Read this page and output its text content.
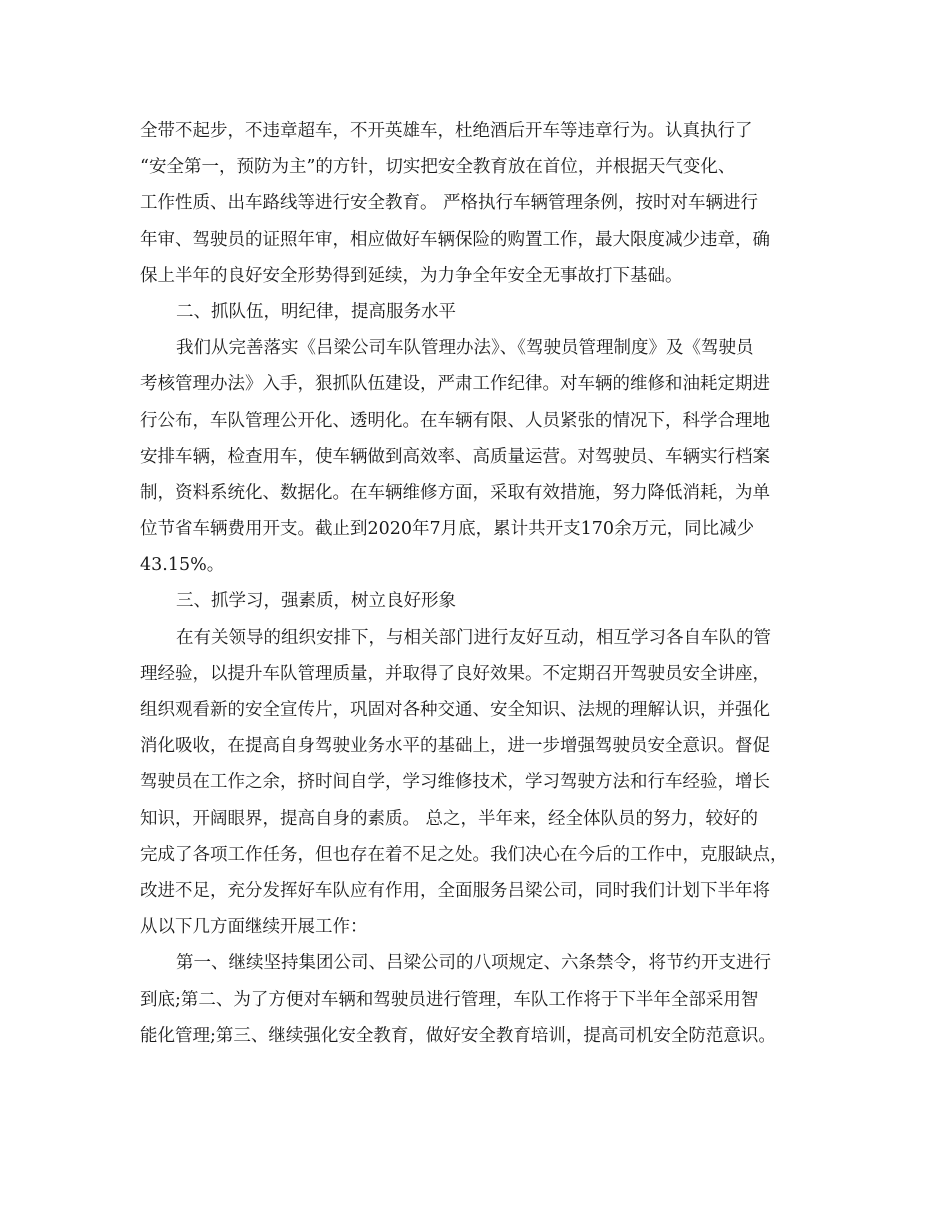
全带不起步，不违章超车，不开英雄车，杜绝酒后开车等违章行为。认真执行了
“安全第一，预防为主”的方针，切实把安全教育放在首位，并根据天气变化、
工作性质、出车路线等进行安全教育。 严格执行车辆管理条例，按时对车辆进行
年审、驾驶员的证照年审，相应做好车辆保险的购置工作，最大限度减少违章，确
保上半年的良好安全形势得到延续，为力争全年安全无事故打下基础。
二、抓队伍，明纪律，提高服务水平
我们从完善落实《吕梁公司车队管理办法》、《驾驶员管理制度》及《驾驶员
考核管理办法》入手，狠抓队伍建设，严肃工作纪律。对车辆的维修和油耗定期进
行公布，车队管理公开化、透明化。在车辆有限、人员紧张的情况下，科学合理地
安排车辆，检查用车，使车辆做到高效率、高质量运营。对驾驶员、车辆实行档案
制，资料系统化、数据化。在车辆维修方面，采取有效措施，努力降低消耗，为单
位节省车辆费用开支。截止到2020年7月底，累计共开支170余万元，同比减少
43.15%。
三、抓学习，强素质，树立良好形象
在有关领导的组织安排下，与相关部门进行友好互动，相互学习各自车队的管
理经验，以提升车队管理质量，并取得了良好效果。不定期召开驾驶员安全讲座，
组织观看新的安全宣传片，巩固对各种交通、安全知识、法规的理解认识，并强化
消化吸收，在提高自身驾驶业务水平的基础上，进一步增强驾驶员安全意识。督促
驾驶员在工作之余，挤时间自学，学习维修技术，学习驾驶方法和行车经验，增长
知识，开阔眼界，提高自身的素质。 总之，半年来，经全体队员的努力，较好的
完成了各项工作任务，但也存在着不足之处。我们决心在今后的工作中，克服缺点，
改进不足，充分发挥好车队应有作用，全面服务吕梁公司，同时我们计划下半年将
从以下几方面继续开展工作：
第一、继续坚持集团公司、吕梁公司的八项规定、六条禁令，将节约开支进行
到底;第二、为了方便对车辆和驾驶员进行管理，车队工作将于下半年全部采用智
能化管理;第三、继续强化安全教育，做好安全教育培训，提高司机安全防范意识。
